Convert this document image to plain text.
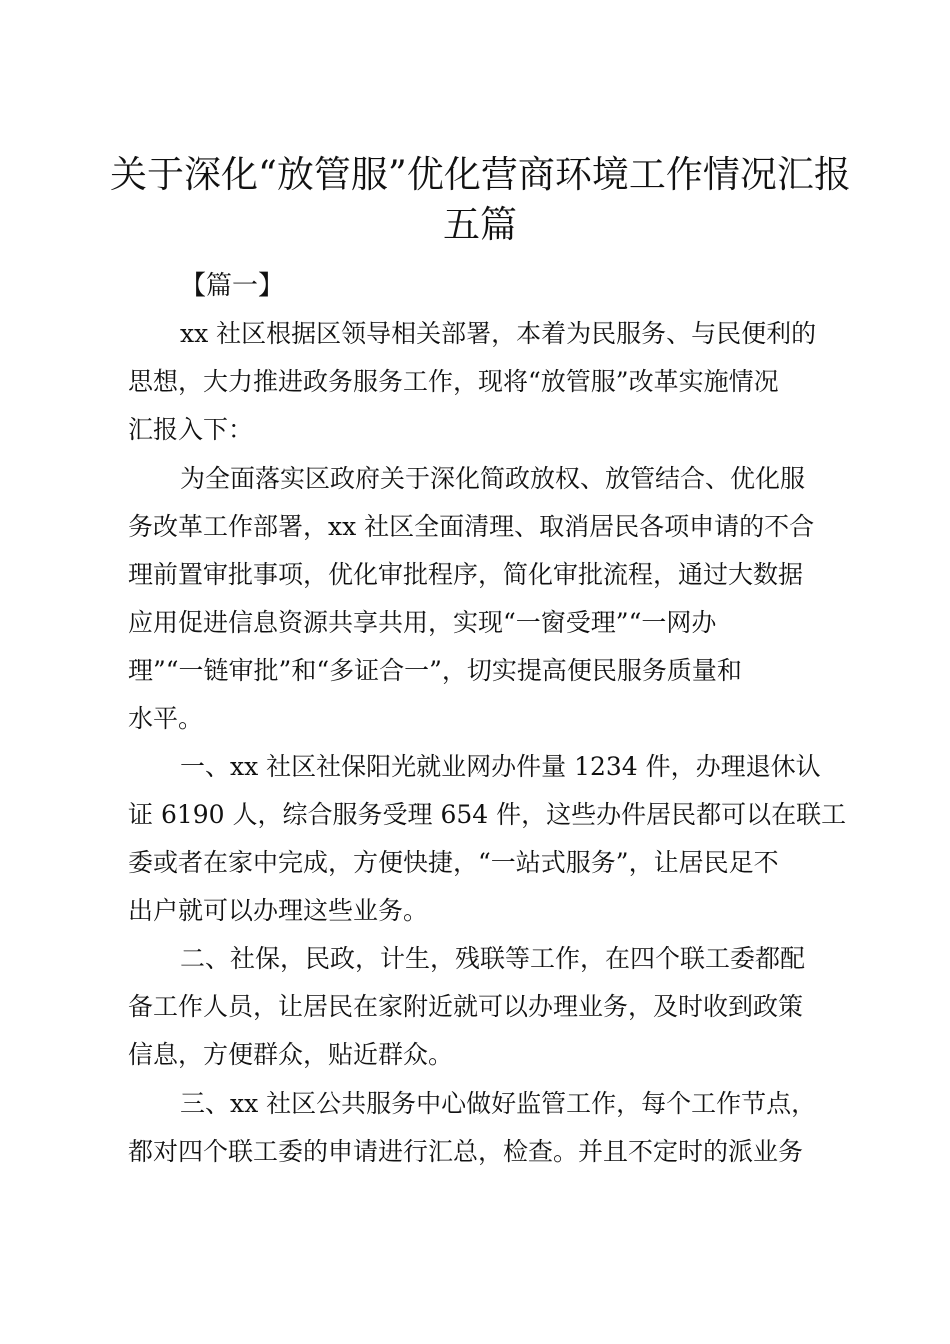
关于深化“放管服”优化营商环境工作情况汇报
五篇
【篇一】
xx 社区根据区领导相关部署，本着为民服务、与民便利的
思想，大力推进政务服务工作，现将“放管服”改革实施情况
汇报入下：
为全面落实区政府关于深化简政放权、放管结合、优化服
务改革工作部署，xx 社区全面清理、取消居民各项申请的不合
理前置审批事项，优化审批程序，简化审批流程，通过大数据
应用促进信息资源共享共用，实现“一窗受理”“一网办
理”“一链审批”和“多证合一”，切实提高便民服务质量和
水平。
一、xx 社区社保阳光就业网办件量 1234 件，办理退休认
证 6190 人，综合服务受理 654 件，这些办件居民都可以在联工
委或者在家中完成，方便快捷，“一站式服务”，让居民足不
出户就可以办理这些业务。
二、社保，民政，计生，残联等工作，在四个联工委都配
备工作人员，让居民在家附近就可以办理业务，及时收到政策
信息，方便群众，贴近群众。
三、xx 社区公共服务中心做好监管工作，每个工作节点，
都对四个联工委的申请进行汇总，检查。并且不定时的派业务
